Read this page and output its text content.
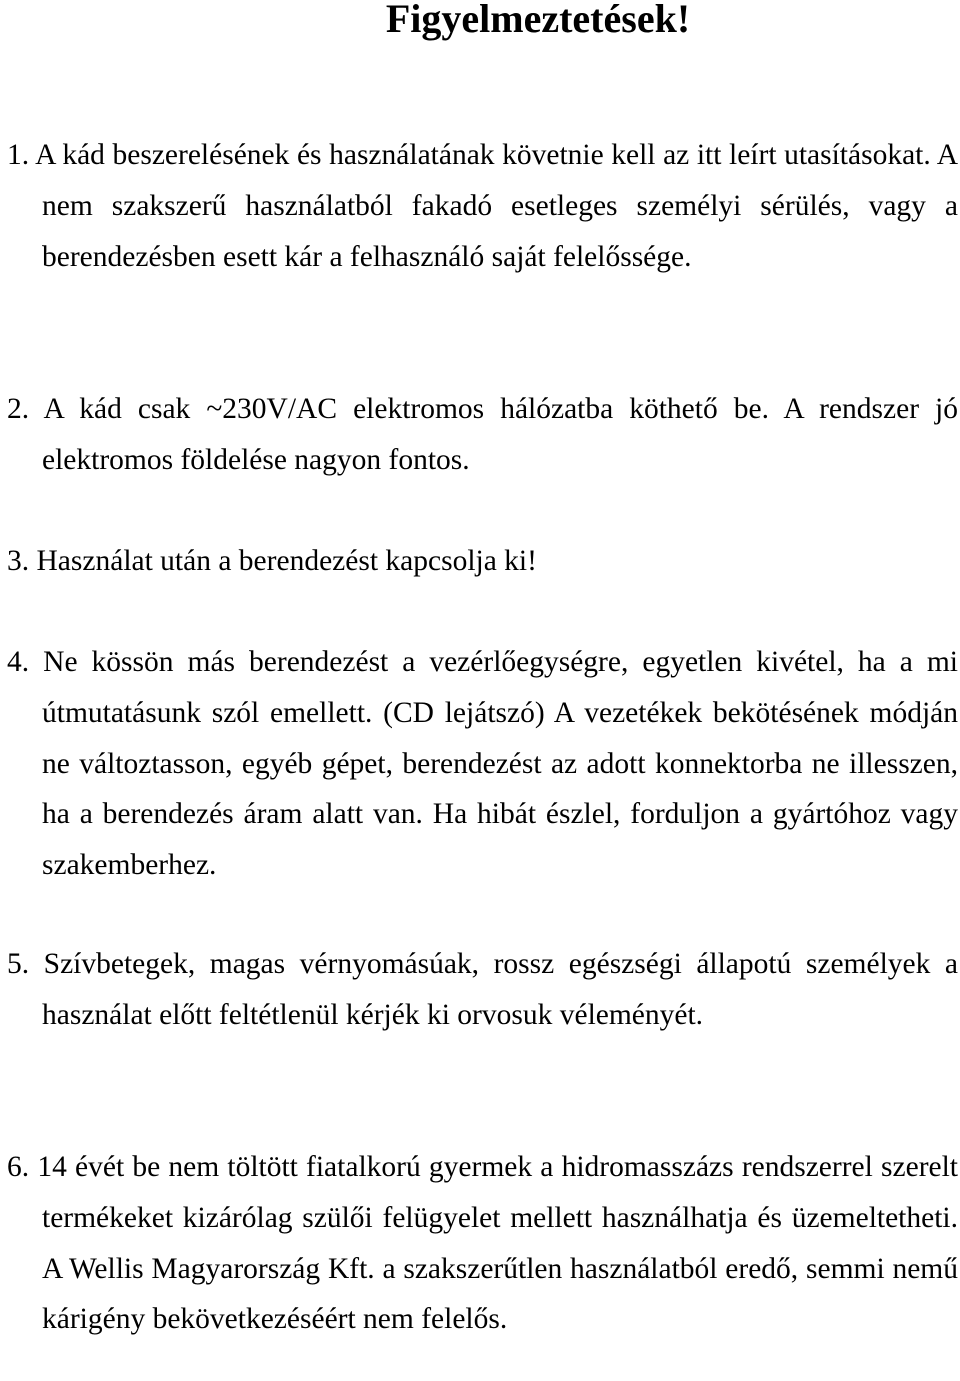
Figyelmeztetések!

1. A kád beszerelésének és használatának követnie kell az itt leírt utasításokat. A nem szakszerű használatból fakadó esetleges személyi sérülés, vagy a berendezésben esett kár a felhasználó saját felelőssége.

2. A kád csak ~230V/AC elektromos hálózatba köthető be. A rendszer jó elektromos földelése nagyon fontos.

3. Használat után a berendezést kapcsolja ki!

4. Ne kössön más berendezést a vezérlőegységre, egyetlen kivétel, ha a mi útmutatásunk szól emellett. (CD lejátszó) A vezetékek bekötésének módján ne változtasson, egyéb gépet, berendezést az adott konnektorba ne illesszen, ha a berendezés áram alatt van. Ha hibát észlel, forduljon a gyártóhoz vagy szakemberhez.

5. Szívbetegek, magas vérnyomásúak, rossz egészségi állapotú személyek a használat előtt feltétlenül kérjék ki orvosuk véleményét.

6. 14 évét be nem töltött fiatalkorú gyermek a hidromasszázs rendszerrel szerelt termékeket kizárólag szülői felügyelet mellett használhatja és üzemeltetheti. A Wellis Magyarország Kft. a szakszerűtlen használatból eredő, semmi nemű kárigény bekövetkezéséért nem felelős.
